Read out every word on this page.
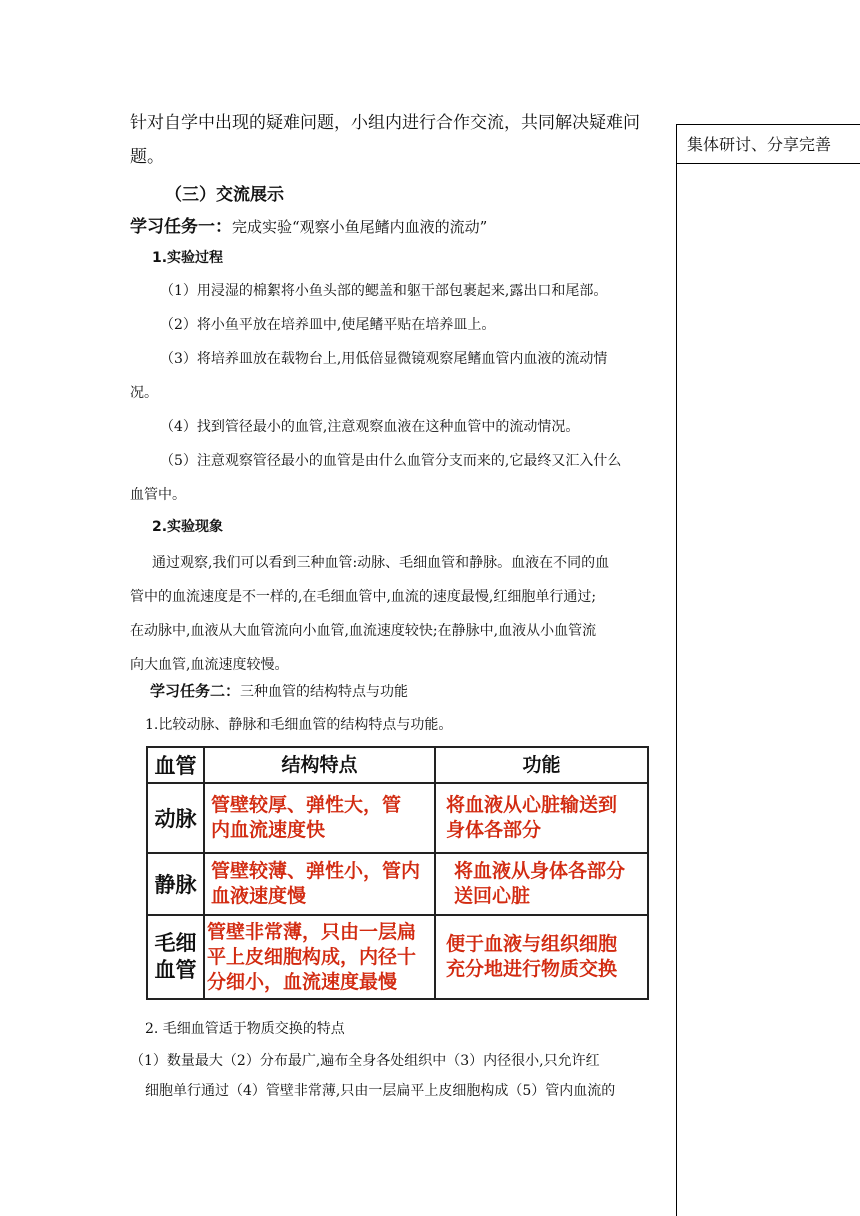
集体研讨、分享完善
针对自学中出现的疑难问题，小组内进行合作交流，共同解决疑难问
题。
（三）交流展示
学习任务一：完成实验“观察小鱼尾鳍内血液的流动”
1.实验过程
（1）用浸湿的棉絮将小鱼头部的鳃盖和躯干部包裹起来,露出口和尾部。
（2）将小鱼平放在培养皿中,使尾鳍平贴在培养皿上。
（3）将培养皿放在载物台上,用低倍显微镜观察尾鳍血管内血液的流动情
况。
（4）找到管径最小的血管,注意观察血液在这种血管中的流动情况。
（5）注意观察管径最小的血管是由什么血管分支而来的,它最终又汇入什么
血管中。
2.实验现象
通过观察,我们可以看到三种血管:动脉、毛细血管和静脉。血液在不同的血
管中的血流速度是不一样的,在毛细血管中,血流的速度最慢,红细胞单行通过;
在动脉中,血液从大血管流向小血管,血流速度较快;在静脉中,血液从小血管流
向大血管,血流速度较慢。
学习任务二：三种血管的结构特点与功能
1.比较动脉、静脉和毛细血管的结构特点与功能。
血管	结构特点	功能
动脉
管壁较厚、弹性大，管
内血流速度快
将血液从心脏输送到
身体各部分
静脉
管壁较薄、弹性小，管内
血液速度慢
将血液从身体各部分
送回心脏
毛细
血管
管壁非常薄，只由一层扁
平上皮细胞构成，内径十
分细小，血流速度最慢
便于血液与组织细胞
充分地进行物质交换
2. 毛细血管适于物质交换的特点
（1）数量最大（2）分布最广,遍布全身各处组织中（3）内径很小,只允许红
细胞单行通过（4）管壁非常薄,只由一层扁平上皮细胞构成（5）管内血流的
